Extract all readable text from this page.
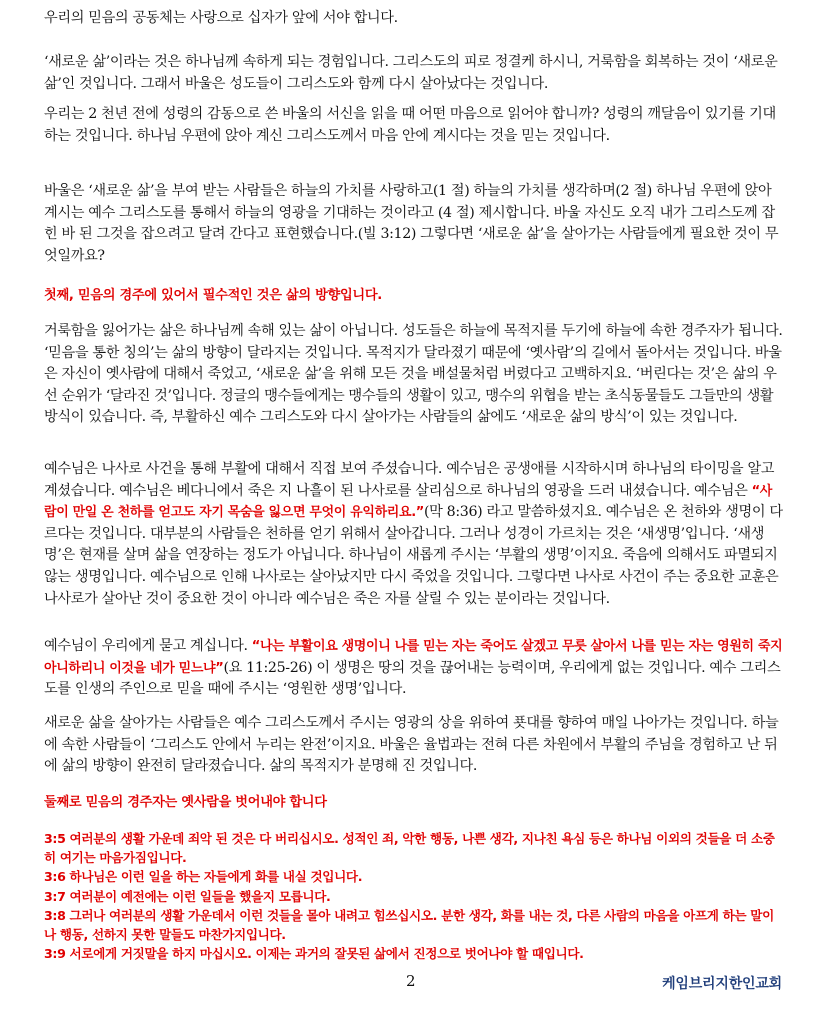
우리의 믿음의 공동체는 사랑으로 십자가 앞에 서야 합니다.

‘새로운 삶’이라는 것은 하나님께 속하게 되는 경험입니다. 그리스도의 피로 정결케 하시니, 거룩함을 회복하는 것이 ‘새로운 삶’인 것입니다. 그래서 바울은 성도들이 그리스도와 함께 다시 살아났다는 것입니다.

우리는 2 천년 전에 성령의 감동으로 쓴 바울의 서신을 읽을 때 어떤 마음으로 읽어야 합니까? 성령의 깨달음이 있기를 기대하는 것입니다. 하나님 우편에 앉아 계신 그리스도께서 마음 안에 계시다는 것을 믿는 것입니다.

바울은 ‘새로운 삶’을 부여 받는 사람들은 하늘의 가치를 사랑하고(1 절) 하늘의 가치를 생각하며(2 절) 하나님 우편에 앉아 계시는 예수 그리스도를 통해서 하늘의 영광을 기대하는 것이라고 (4 절) 제시합니다. 바울 자신도 오직 내가 그리스도께 잡힌 바 된 그것을 잡으려고 달려 간다고 표현했습니다.(빌 3:12) 그렇다면 ‘새로운 삶’을 살아가는 사람들에게 필요한 것이 무엇일까요?

첫째, 믿음의 경주에 있어서 필수적인 것은 삶의 방향입니다.

거룩함을 잃어가는 삶은 하나님께 속해 있는 삶이 아닙니다. 성도들은 하늘에 목적지를 두기에 하늘에 속한 경주자가 됩니다. ‘믿음을 통한 칭의’는 삶의 방향이 달라지는 것입니다. 목적지가 달라졌기 때문에 ‘옛사람’의 길에서 돌아서는 것입니다. 바울은 자신이 옛사람에 대해서 죽었고, ‘새로운 삶’을 위해 모든 것을 배설물처럼 버렸다고 고백하지요. ‘버린다는 것’은 삶의 우선 순위가 ‘달라진 것’입니다. 정글의 맹수들에게는 맹수들의 생활이 있고, 맹수의 위협을 받는 초식동물들도 그들만의 생활 방식이 있습니다. 즉, 부활하신 예수 그리스도와 다시 살아가는 사람들의 삶에도 ‘새로운 삶의 방식’이 있는 것입니다.

예수님은 나사로 사건을 통해 부활에 대해서 직접 보여 주셨습니다. 예수님은 공생애를 시작하시며 하나님의 타이밍을 알고 계셨습니다. 예수님은 베다니에서 죽은 지 나흘이 된 나사로를 살리심으로 하나님의 영광을 드러 내셨습니다. 예수님은 “사람이 만일 온 천하를 얻고도 자기 목숨을 잃으면 무엇이 유익하리요.”(막 8:36) 라고 말씀하셨지요. 예수님은 온 천하와 생명이 다르다는 것입니다. 대부분의 사람들은 천하를 얻기 위해서 살아갑니다. 그러나 성경이 가르치는 것은 ‘새생명’입니다. ‘새생명’은 현재를 살며 삶을 연장하는 정도가 아닙니다. 하나님이 새롭게 주시는 ‘부활의 생명’이지요. 죽음에 의해서도 파멸되지 않는 생명입니다. 예수님으로 인해 나사로는 살아났지만 다시 죽었을 것입니다. 그렇다면 나사로 사건이 주는 중요한 교훈은 나사로가 살아난 것이 중요한 것이 아니라 예수님은 죽은 자를 살릴 수 있는 분이라는 것입니다.

예수님이 우리에게 묻고 계십니다. “나는 부활이요 생명이니 나를 믿는 자는 죽어도 살겠고 무릇 살아서 나를 믿는 자는 영원히 죽지 아니하리니 이것을 네가 믿느냐”(요 11:25-26) 이 생명은 땅의 것을 끊어내는 능력이며, 우리에게 없는 것입니다. 예수 그리스도를 인생의 주인으로 믿을 때에 주시는 ‘영원한 생명’입니다.

새로운 삶을 살아가는 사람들은 예수 그리스도께서 주시는 영광의 상을 위하여 푯대를 향하여 매일 나아가는 것입니다. 하늘에 속한 사람들이 ‘그리스도 안에서 누리는 완전’이지요. 바울은 율법과는 전혀 다른 차원에서 부활의 주님을 경험하고 난 뒤에 삶의 방향이 완전히 달라졌습니다. 삶의 목적지가 분명해 진 것입니다.

둘째로 믿음의 경주자는 옛사람을 벗어내야 합니다

3:5 여러분의 생활 가운데 죄악 된 것은 다 버리십시오. 성적인 죄, 악한 행동, 나쁜 생각, 지나친 욕심 등은 하나님 이외의 것들을 더 소중히 여기는 마음가짐입니다.
3:6 하나님은 이런 일을 하는 자들에게 화를 내실 것입니다.
3:7 여러분이 예전에는 이런 일들을 했을지 모릅니다.
3:8 그러나 여러분의 생활 가운데서 이런 것들을 몰아 내려고 힘쓰십시오. 분한 생각, 화를 내는 것, 다른 사람의 마음을 아프게 하는 말이나 행동, 선하지 못한 말들도 마찬가지입니다.
3:9 서로에게 거짓말을 하지 마십시오. 이제는 과거의 잘못된 삶에서 진정으로 벗어나야 할 때입니다.
2	케임브리지한인교회
